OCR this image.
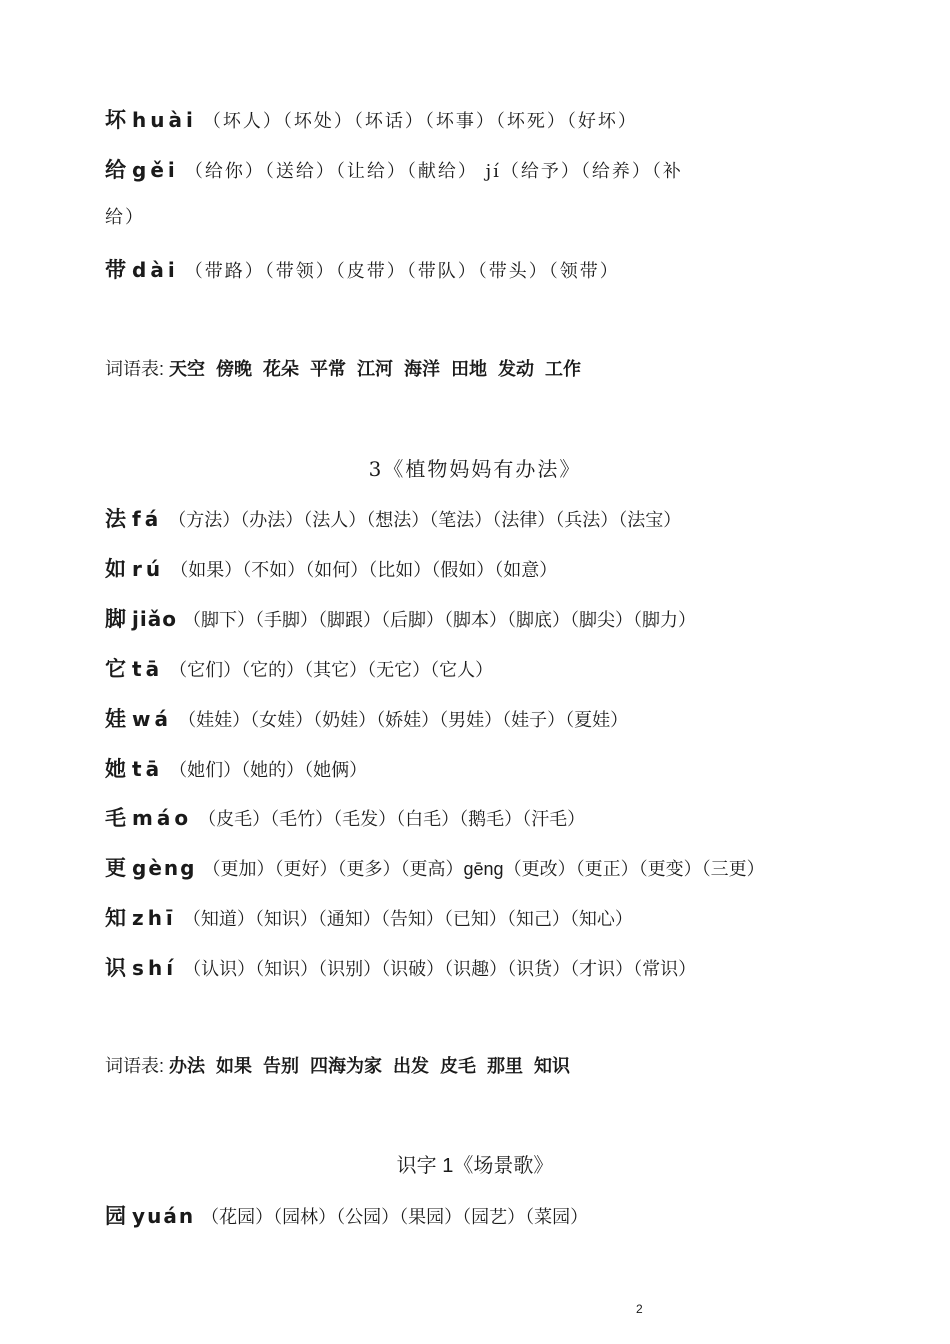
坏 huài （坏人）（坏处）（坏话）（坏事）（坏死）（好坏）
给 gěi （给你）（送给）（让给）（献给） jí（给予）（给养）（补
给）
带 dài （带路）（带领）（皮带）（带队）（带头）（领带）
词语表: 天空 傍晚 花朵 平常 江河 海洋 田地 发动 工作
3《植物妈妈有办法》
法 fá （方法）（办法）（法人）（想法）（笔法）（法律）（兵法）（法宝）
如 rú （如果）（不如）（如何）（比如）（假如）（如意）
脚 jiǎo （脚下）（手脚）（脚跟）（后脚）（脚本）（脚底）（脚尖）（脚力）
它 tā （它们）（它的）（其它）（无它）（它人）
娃 wá （娃娃）（女娃）（奶娃）（娇娃）（男娃）（娃子）（夏娃）
她 tā （她们）（她的）（她俩）
毛 máo （皮毛）（毛竹）（毛发）（白毛）（鹅毛）（汗毛）
更 gèng （更加）（更好）（更多）（更高）gēng（更改）（更正）（更变）（三更）
知 zhī （知道）（知识）（通知）（告知）（已知）（知己）（知心）
识 shí （认识）（知识）（识别）（识破）（识趣）（识货）（才识）（常识）
词语表: 办法 如果 告别 四海为家 出发 皮毛 那里 知识
识字 1《场景歌》
园 yuán （花园）（园林）（公园）（果园）（园艺）（菜园）
2
